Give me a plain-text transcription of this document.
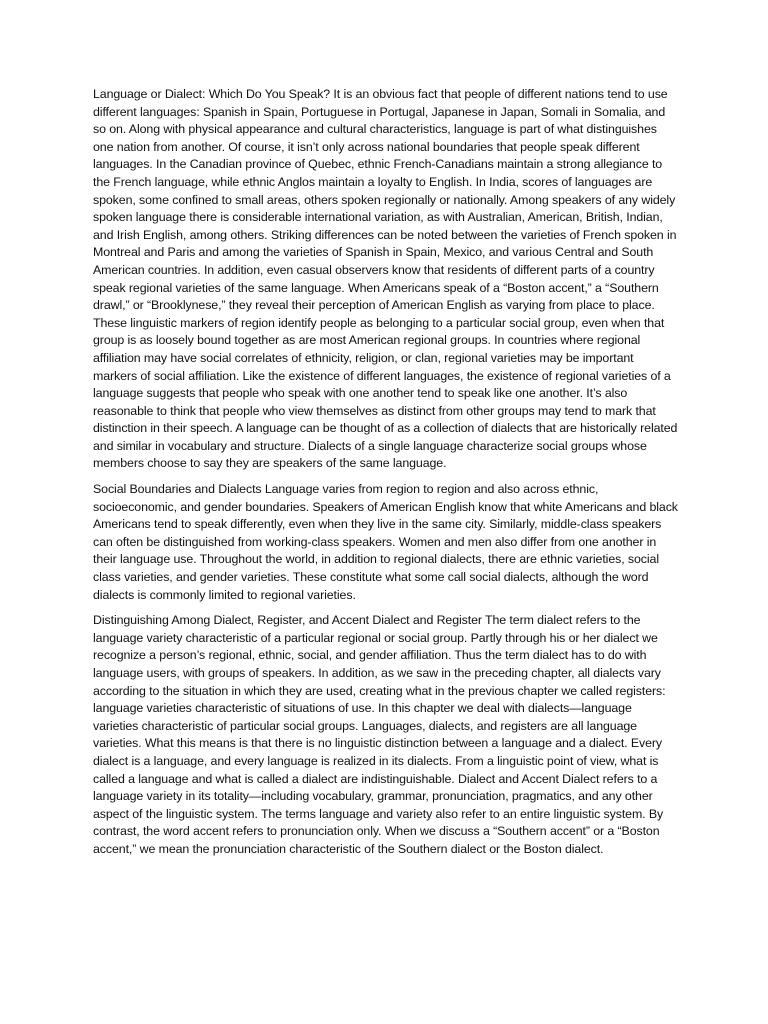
Language or Dialect: Which Do You Speak? It is an obvious fact that people of different nations tend to use different languages: Spanish in Spain, Portuguese in Portugal, Japanese in Japan, Somali in Somalia, and so on. Along with physical appearance and cultural characteristics, language is part of what distinguishes one nation from another. Of course, it isn’t only across national boundaries that people speak different languages. In the Canadian province of Quebec, ethnic French-Canadians maintain a strong allegiance to the French language, while ethnic Anglos maintain a loyalty to English. In India, scores of languages are spoken, some confined to small areas, others spoken regionally or nationally. Among speakers of any widely spoken language there is considerable international variation, as with Australian, American, British, Indian, and Irish English, among others. Striking differences can be noted between the varieties of French spoken in Montreal and Paris and among the varieties of Spanish in Spain, Mexico, and various Central and South American countries. In addition, even casual observers know that residents of different parts of a country speak regional varieties of the same language. When Americans speak of a “Boston accent,” a “Southern drawl,” or “Brooklynese,” they reveal their perception of American English as varying from place to place. These linguistic markers of region identify people as belonging to a particular social group, even when that group is as loosely bound together as are most American regional groups. In countries where regional affiliation may have social correlates of ethnicity, religion, or clan, regional varieties may be important markers of social affiliation. Like the existence of different languages, the existence of regional varieties of a language suggests that people who speak with one another tend to speak like one another. It’s also reasonable to think that people who view themselves as distinct from other groups may tend to mark that distinction in their speech. A language can be thought of as a collection of dialects that are historically related and similar in vocabulary and structure. Dialects of a single language characterize social groups whose members choose to say they are speakers of the same language.

Social Boundaries and Dialects Language varies from region to region and also across ethnic, socioeconomic, and gender boundaries. Speakers of American English know that white Americans and black Americans tend to speak differently, even when they live in the same city. Similarly, middle-class speakers can often be distinguished from working-class speakers. Women and men also differ from one another in their language use. Throughout the world, in addition to regional dialects, there are ethnic varieties, social class varieties, and gender varieties. These constitute what some call social dialects, although the word dialects is commonly limited to regional varieties.

Distinguishing Among Dialect, Register, and Accent Dialect and Register The term dialect refers to the language variety characteristic of a particular regional or social group. Partly through his or her dialect we recognize a person’s regional, ethnic, social, and gender affiliation. Thus the term dialect has to do with language users, with groups of speakers. In addition, as we saw in the preceding chapter, all dialects vary according to the situation in which they are used, creating what in the previous chapter we called registers: language varieties characteristic of situations of use. In this chapter we deal with dialects—language varieties characteristic of particular social groups. Languages, dialects, and registers are all language varieties. What this means is that there is no linguistic distinction between a language and a dialect. Every dialect is a language, and every language is realized in its dialects. From a linguistic point of view, what is called a language and what is called a dialect are indistinguishable. Dialect and Accent Dialect refers to a language variety in its totality—including vocabulary, grammar, pronunciation, pragmatics, and any other aspect of the linguistic system. The terms language and variety also refer to an entire linguistic system. By contrast, the word accent refers to pronunciation only. When we discuss a “Southern accent” or a “Boston accent,” we mean the pronunciation characteristic of the Southern dialect or the Boston dialect.
